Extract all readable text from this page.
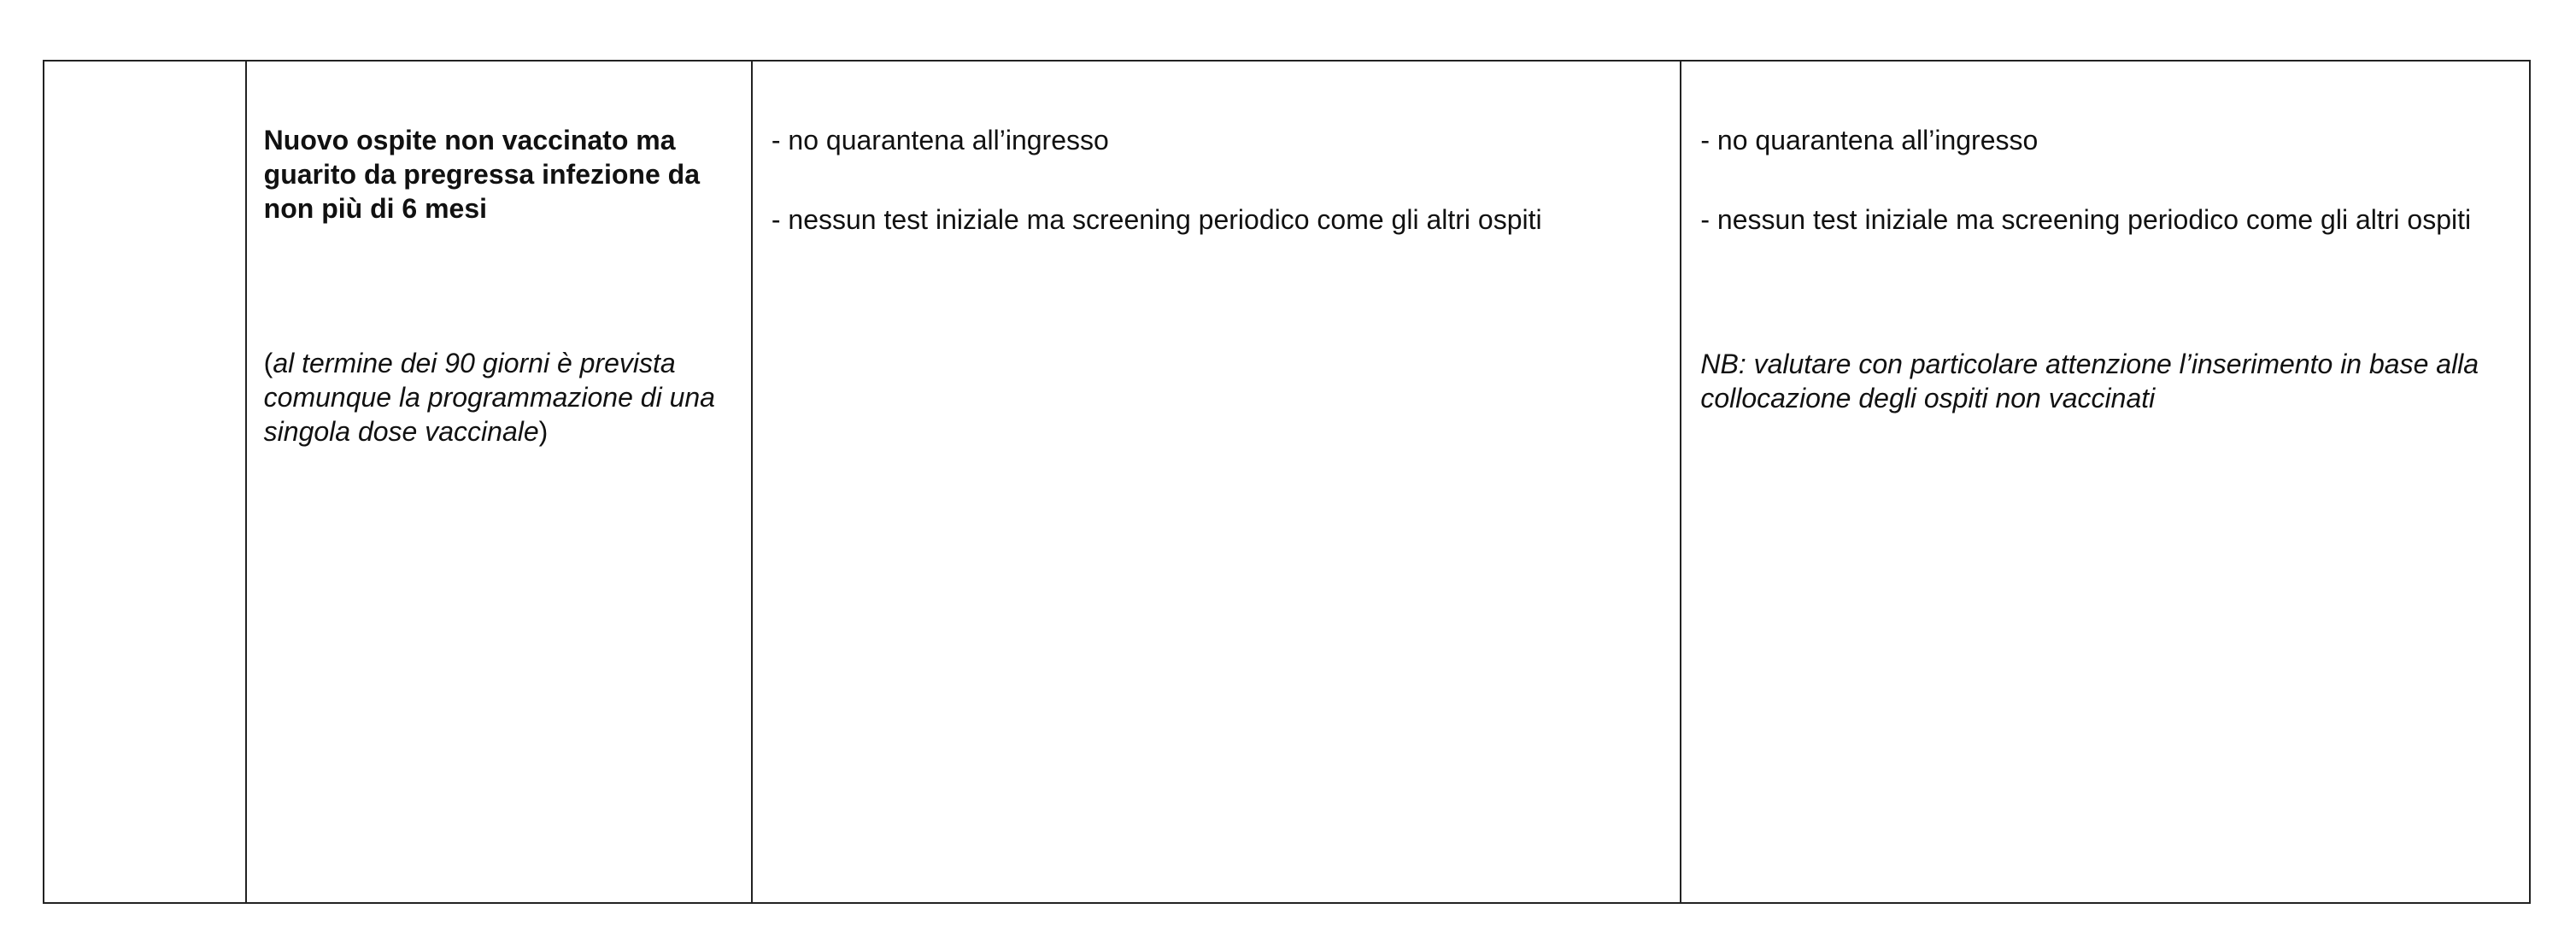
Nuovo ospite non vaccinato ma guarito da pregressa infezione da non più di 6 mesi

(al termine dei 90 giorni è prevista comunque la programmazione di una singola dose vaccinale)

- no quarantena all’ingresso

- nessun test iniziale ma screening periodico come gli altri ospiti

- no quarantena all’ingresso

- nessun test iniziale ma screening periodico come gli altri ospiti

NB: valutare con particolare attenzione l’inserimento in base alla collocazione degli ospiti non vaccinati
